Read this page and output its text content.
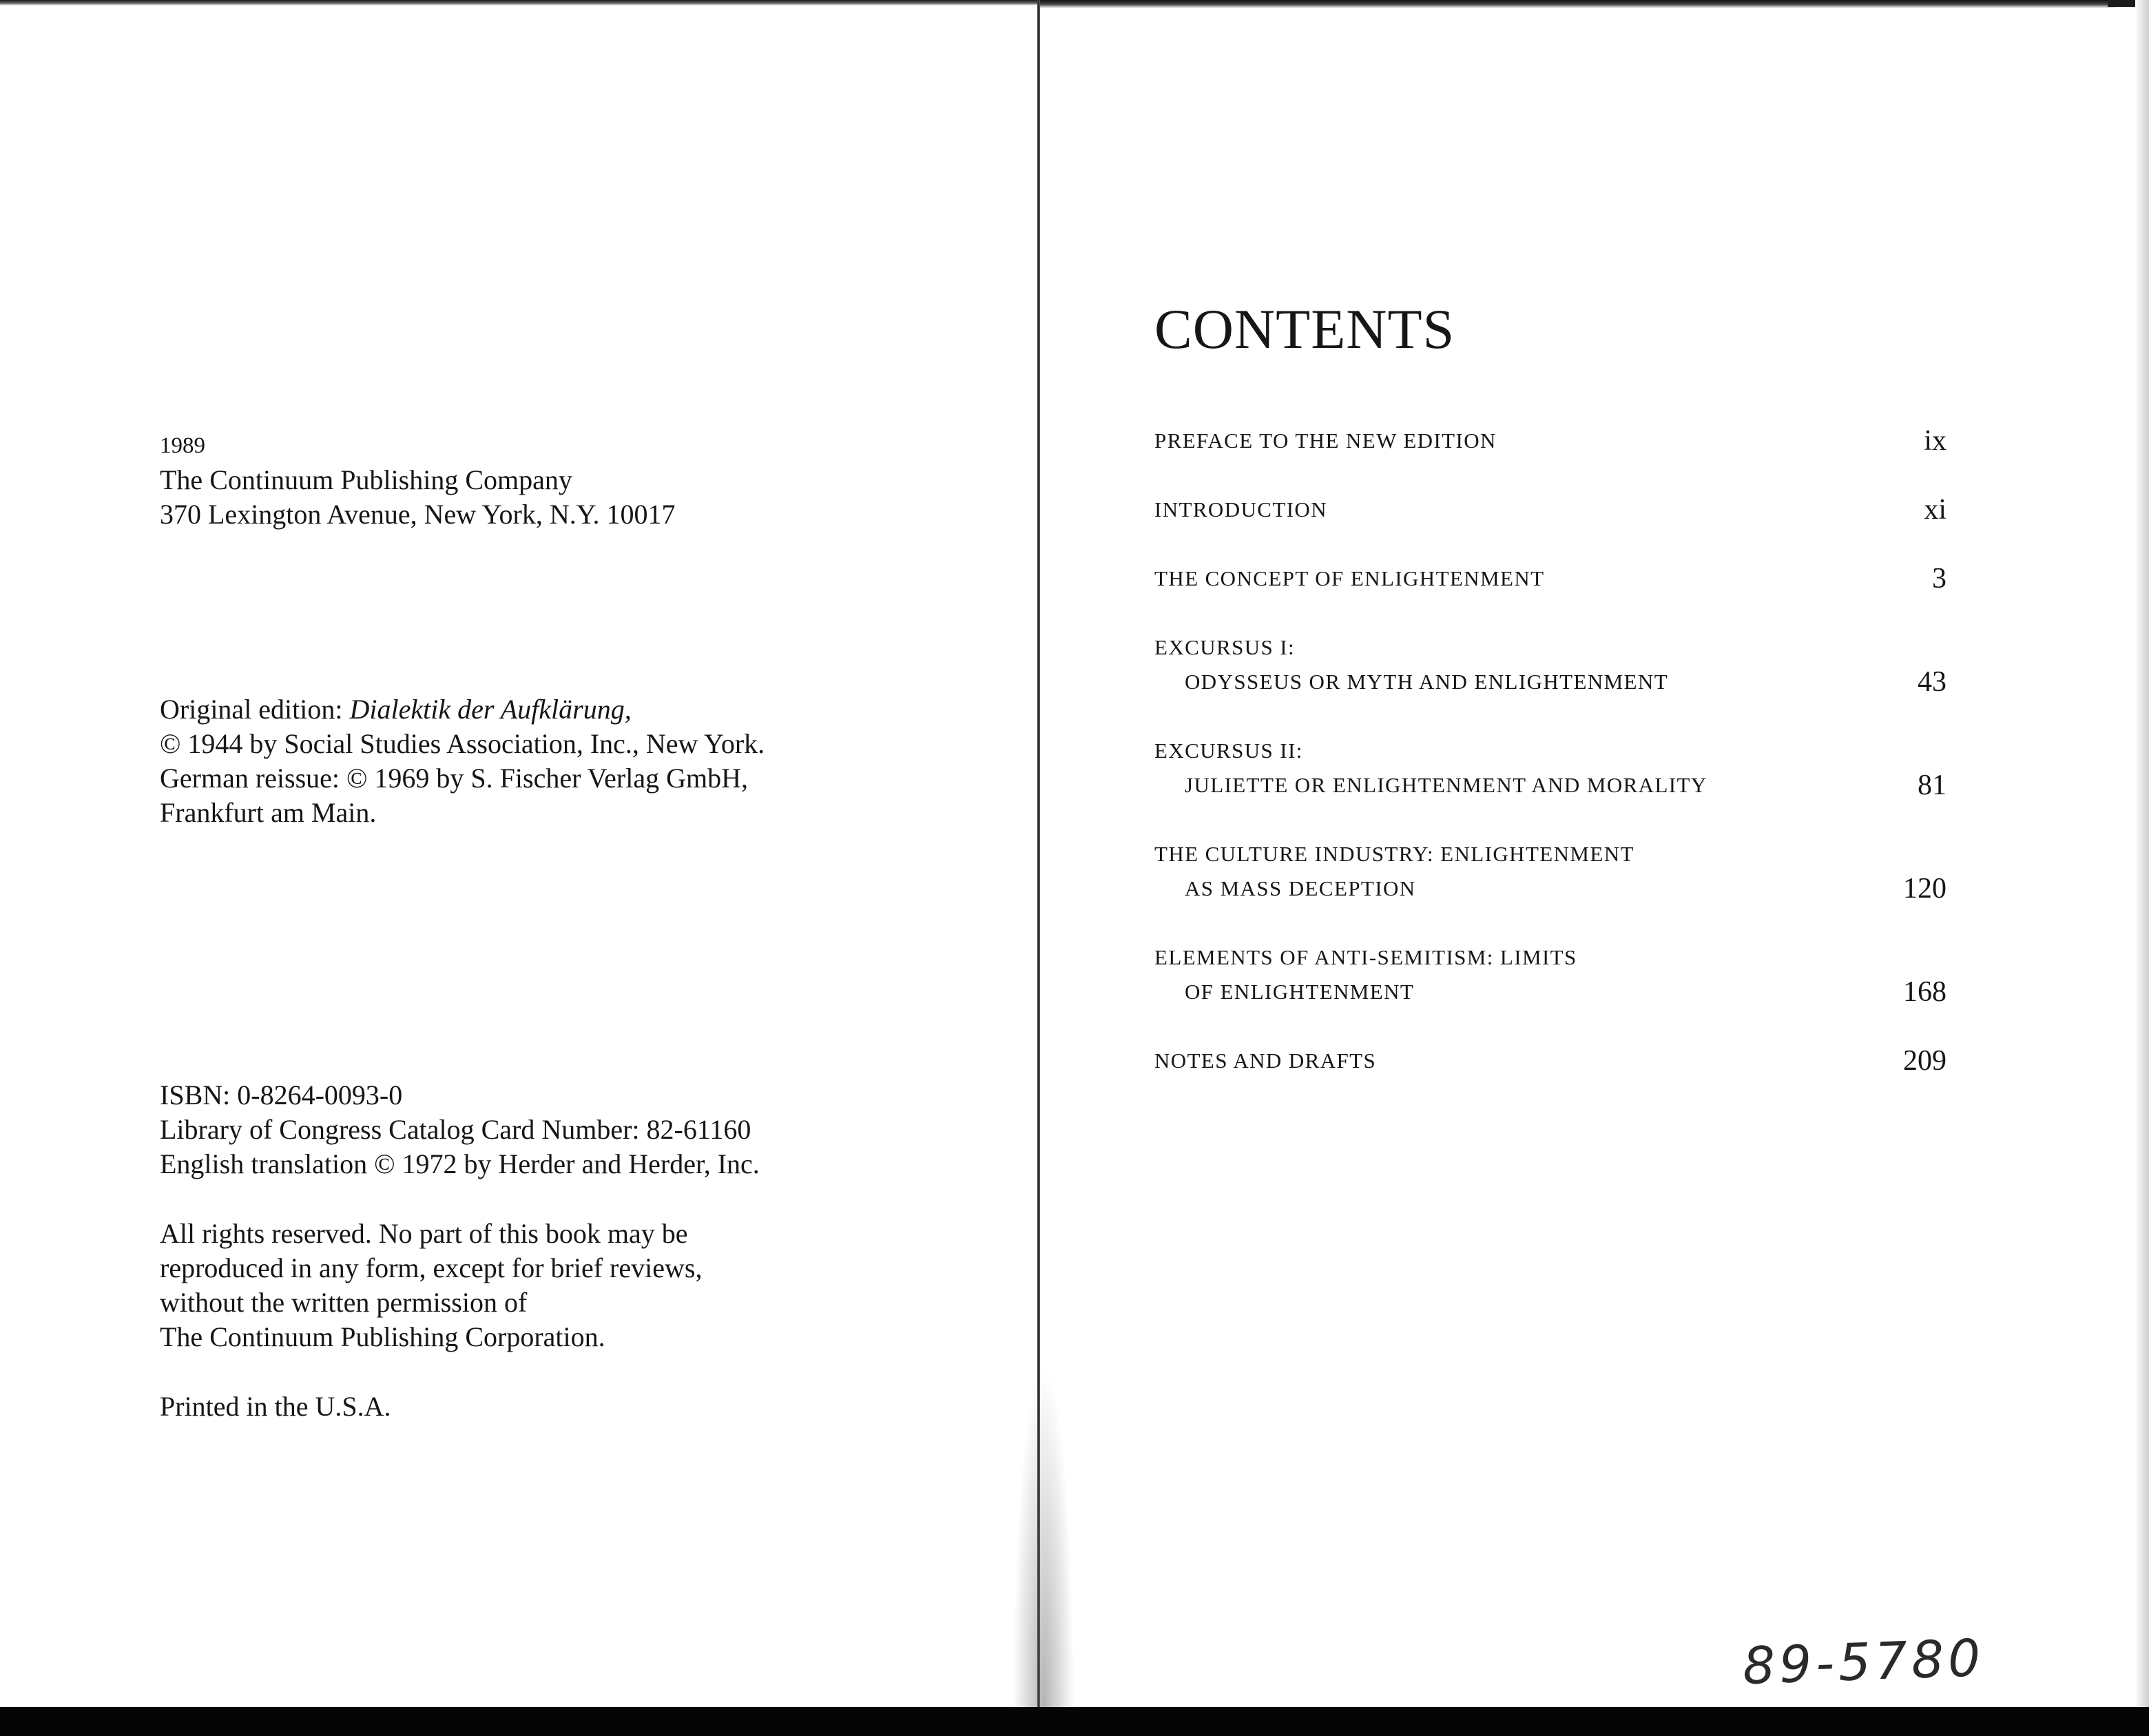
1989

The Continuum Publishing Company

370 Lexington Avenue, New York, N.Y. 10017

Original edition: Dialektik der Aufklärung,

© 1944 by Social Studies Association, Inc., New York.

German reissue: © 1969 by S. Fischer Verlag GmbH,

Frankfurt am Main.

ISBN: 0-8264-0093-0

Library of Congress Catalog Card Number: 82-61160

English translation © 1972 by Herder and Herder, Inc.

All rights reserved. No part of this book may be

reproduced in any form, except for brief reviews,

without the written permission of

The Continuum Publishing Corporation.

Printed in the U.S.A.

CONTENTS
PREFACE TO THE NEW EDITION	ix
INTRODUCTION	xi
THE CONCEPT OF ENLIGHTENMENT	3
EXCURSUS I:
ODYSSEUS OR MYTH AND ENLIGHTENMENT	43
EXCURSUS II:
JULIETTE OR ENLIGHTENMENT AND MORALITY	81
THE CULTURE INDUSTRY: ENLIGHTENMENT
AS MASS DECEPTION	120
ELEMENTS OF ANTI-SEMITISM: LIMITS
OF ENLIGHTENMENT	168
NOTES AND DRAFTS	209
89-5780
